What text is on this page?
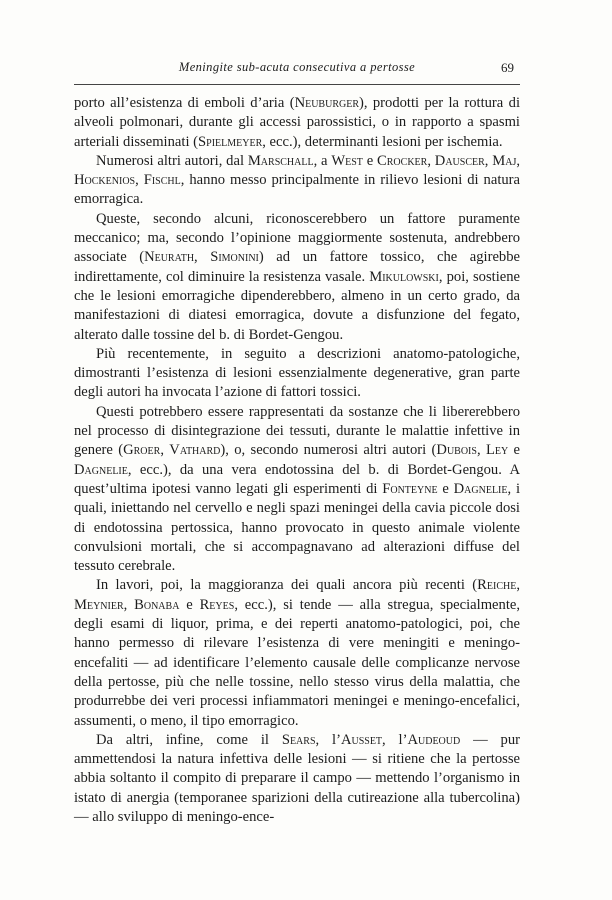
Meningite sub-acuta consecutiva a pertosse	69

porto all’esistenza di emboli d’aria (Neuburger), prodotti per la rottura di alveoli polmonari, durante gli accessi parossistici, o in rapporto a spasmi arteriali disseminati (Spielmeyer, ecc.), determinanti lesioni per ischemia.

Numerosi altri autori, dal Marschall, a West e Crocker, Dauscer, Maj, Hockenios, Fischl, hanno messo principalmente in rilievo lesioni di natura emorragica.

Queste, secondo alcuni, riconoscerebbero un fattore puramente meccanico; ma, secondo l’opinione maggiormente sostenuta, andrebbero associate (Neurath, Simonini) ad un fattore tossico, che agirebbe indirettamente, col diminuire la resistenza vasale. Mikulowski, poi, sostiene che le lesioni emorragiche dipenderebbero, almeno in un certo grado, da manifestazioni di diatesi emorragica, dovute a disfunzione del fegato, alterato dalle tossine del b. di Bordet-Gengou.

Più recentemente, in seguito a descrizioni anatomo-patologiche, dimostranti l’esistenza di lesioni essenzialmente degenerative, gran parte degli autori ha invocata l’azione di fattori tossici.

Questi potrebbero essere rappresentati da sostanze che li libererebbero nel processo di disintegrazione dei tessuti, durante le malattie infettive in genere (Groer, Vathard), o, secondo numerosi altri autori (Dubois, Ley e Dagnelie, ecc.), da una vera endotossina del b. di Bordet-Gengou. A quest’ultima ipotesi vanno legati gli esperimenti di Fonteyne e Dagnelie, i quali, iniettando nel cervello e negli spazi meningei della cavia piccole dosi di endotossina pertossica, hanno provocato in questo animale violente convulsioni mortali, che si accompagnavano ad alterazioni diffuse del tessuto cerebrale.

In lavori, poi, la maggioranza dei quali ancora più recenti (Reiche, Meynier, Bonaba e Reyes, ecc.), si tende — alla stregua, specialmente, degli esami di liquor, prima, e dei reperti anatomo-patologici, poi, che hanno permesso di rilevare l’esistenza di vere meningiti e meningo-encefaliti — ad identificare l’elemento causale delle complicanze nervose della pertosse, più che nelle tossine, nello stesso virus della malattia, che produrrebbe dei veri processi infiammatori meningei e meningo-encefalici, assumenti, o meno, il tipo emorragico.

Da altri, infine, come il Sears, l’Ausset, l’Audeoud — pur ammettendosi la natura infettiva delle lesioni — si ritiene che la pertosse abbia soltanto il compito di preparare il campo — mettendo l’organismo in istato di anergia (temporanee sparizioni della cutireazione alla tubercolina) — allo sviluppo di meningo-ence-
